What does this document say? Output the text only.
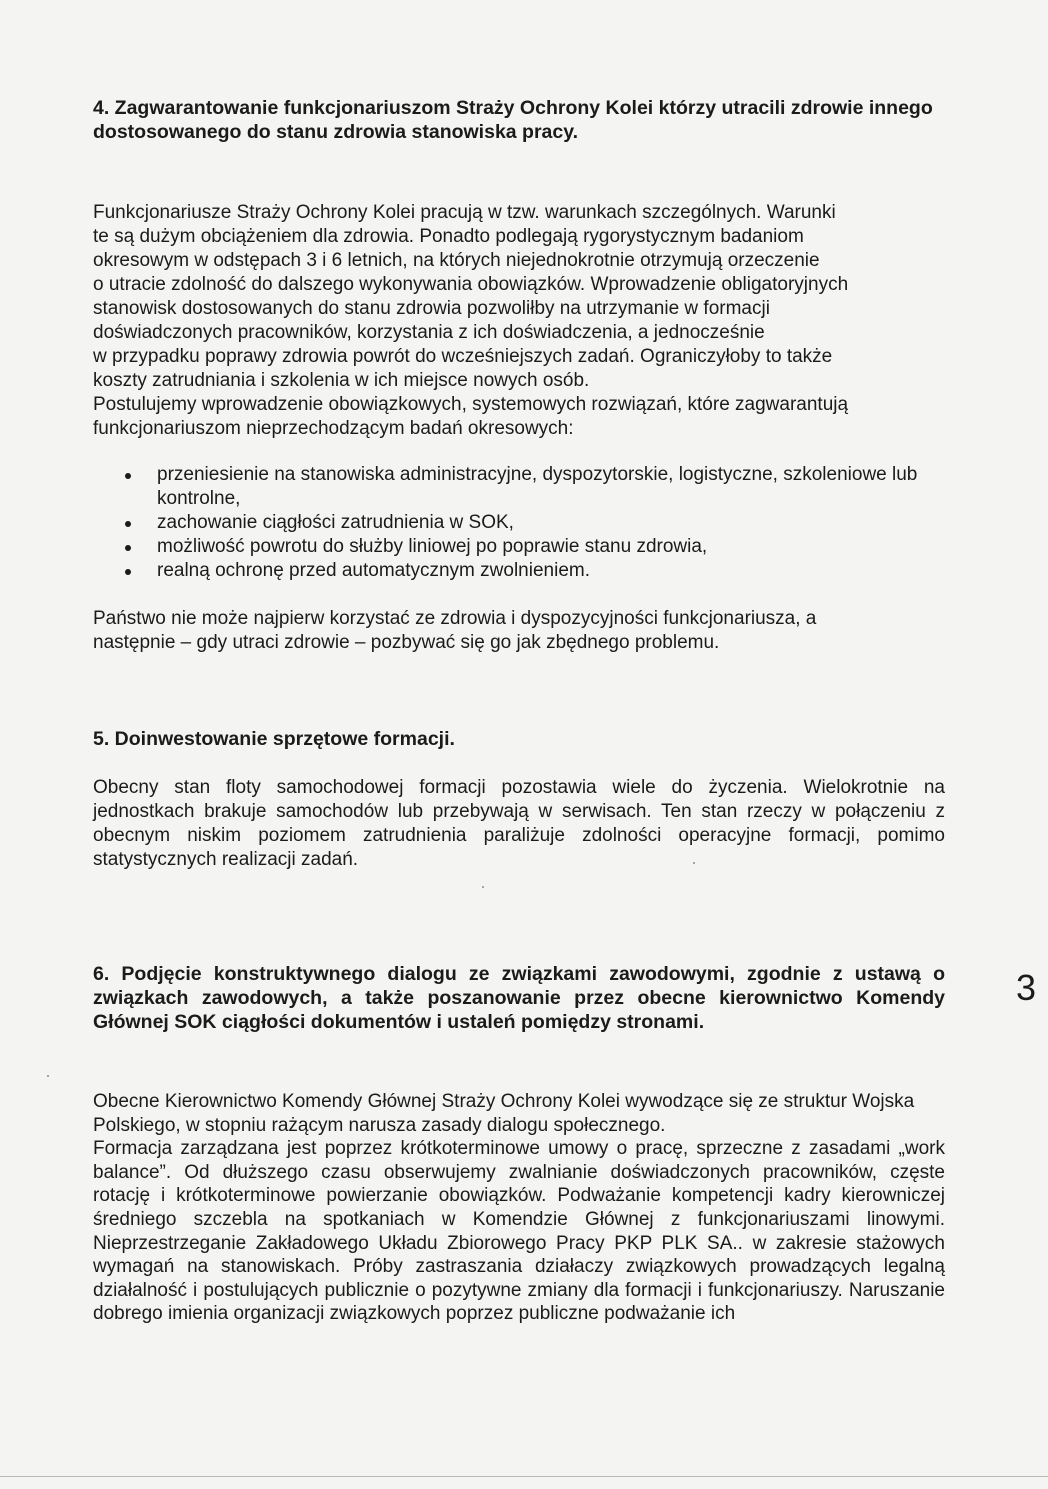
4. Zagwarantowanie funkcjonariuszom Straży Ochrony Kolei którzy utracili zdrowie innego dostosowanego do stanu zdrowia stanowiska pracy.
Funkcjonariusze Straży Ochrony Kolei pracują w tzw. warunkach szczególnych. Warunki
te są dużym obciążeniem dla zdrowia. Ponadto podlegają rygorystycznym badaniom
okresowym w odstępach 3 i 6 letnich, na których niejednokrotnie otrzymują orzeczenie
o utracie zdolność do dalszego wykonywania obowiązków. Wprowadzenie obligatoryjnych
stanowisk dostosowanych do stanu zdrowia pozwoliłby na utrzymanie w formacji
doświadczonych pracowników, korzystania z ich doświadczenia, a jednocześnie
w przypadku poprawy zdrowia powrót do wcześniejszych zadań. Ograniczyłoby to także
koszty zatrudniania i szkolenia w ich miejsce nowych osób.
Postulujemy wprowadzenie obowiązkowych, systemowych rozwiązań, które zagwarantują
funkcjonariuszom nieprzechodzącym badań okresowych:
przeniesienie na stanowiska administracyjne, dyspozytorskie, logistyczne, szkoleniowe lub kontrolne,
zachowanie ciągłości zatrudnienia w SOK,
możliwość powrotu do służby liniowej po poprawie stanu zdrowia,
realną ochronę przed automatycznym zwolnieniem.
Państwo nie może najpierw korzystać ze zdrowia i dyspozycyjności funkcjonariusza, a
następnie – gdy utraci zdrowie – pozbywać się go jak zbędnego problemu.
5. Doinwestowanie sprzętowe formacji.

Obecny stan floty samochodowej formacji pozostawia wiele do życzenia. Wielokrotnie na jednostkach brakuje samochodów lub przebywają w serwisach. Ten stan rzeczy w połączeniu z obecnym niskim poziomem zatrudnienia paraliżuje zdolności operacyjne formacji, pomimo statystycznych realizacji zadań.

6. Podjęcie konstruktywnego dialogu ze związkami zawodowymi, zgodnie z ustawą o związkach zawodowych, a także poszanowanie przez obecne kierownictwo Komendy Głównej SOK ciągłości dokumentów i ustaleń pomiędzy stronami.

Obecne Kierownictwo Komendy Głównej Straży Ochrony Kolei wywodzące się ze struktur Wojska Polskiego, w stopniu rażącym narusza zasady dialogu społecznego.

Formacja zarządzana jest poprzez krótkoterminowe umowy o pracę, sprzeczne z zasadami „work balance”. Od dłuższego czasu obserwujemy zwalnianie doświadczonych pracowników, częste rotację i krótkoterminowe powierzanie obowiązków. Podważanie kompetencji kadry kierowniczej średniego szczebla na spotkaniach w Komendzie Głównej z funkcjonariuszami linowymi. Nieprzestrzeganie Zakładowego Układu Zbiorowego Pracy PKP PLK SA.. w zakresie stażowych wymagań na stanowiskach. Próby zastraszania działaczy związkowych prowadzących legalną działalność i postulujących publicznie o pozytywne zmiany dla formacji i funkcjonariuszy. Naruszanie dobrego imienia organizacji związkowych poprzez publiczne podważanie ich

3
